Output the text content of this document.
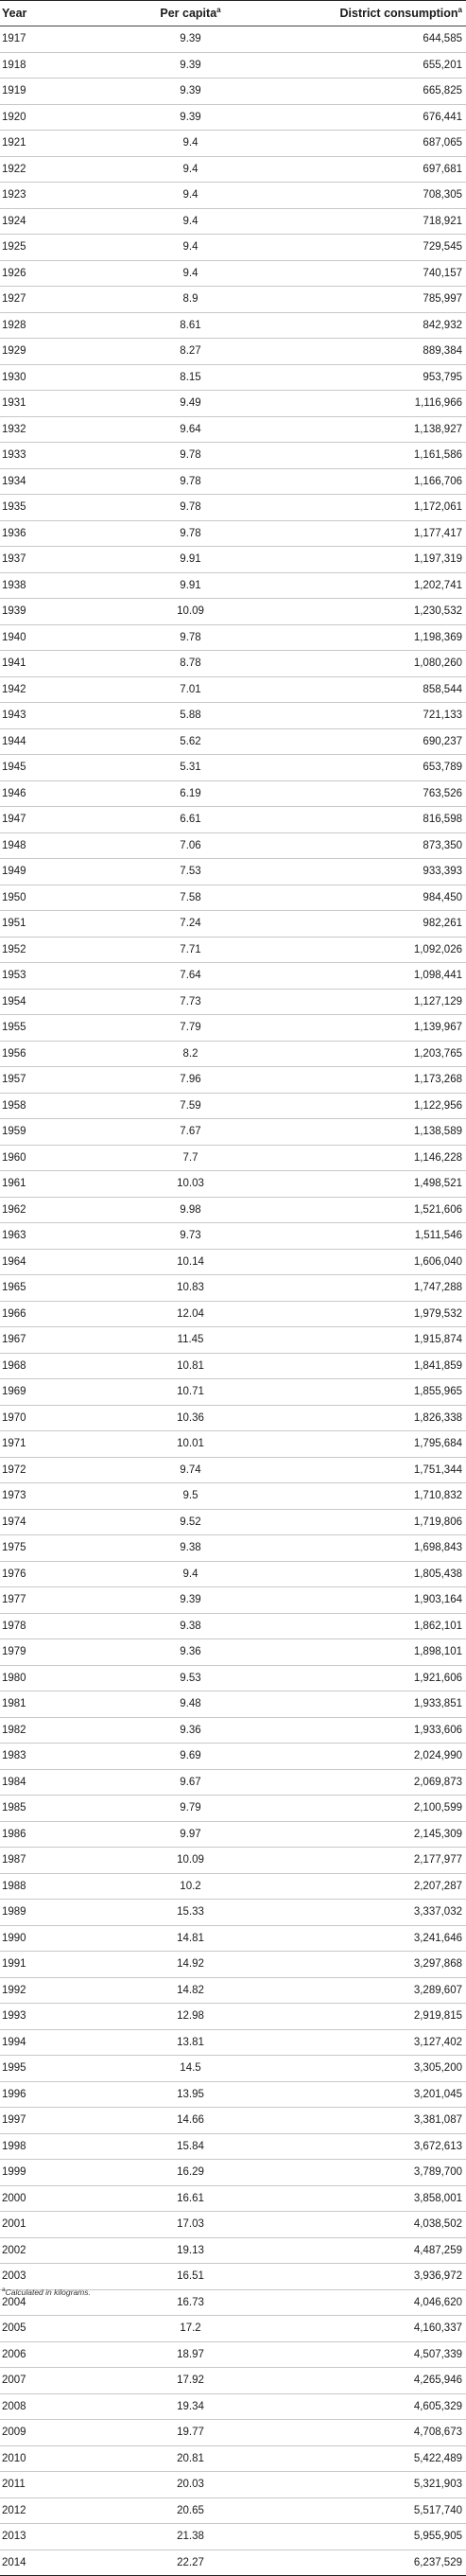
Year	Per capita$^a$	District consumption$^a$
1917	9.39	644,585
1918	9.39	655,201
1919	9.39	665,825
1920	9.39	676,441
1921	9.4	687,065
1922	9.4	697,681
1923	9.4	708,305
1924	9.4	718,921
1925	9.4	729,545
1926	9.4	740,157
1927	8.9	785,997
1928	8.61	842,932
1929	8.27	889,384
1930	8.15	953,795
1931	9.49	1,116,966
1932	9.64	1,138,927
1933	9.78	1,161,586
1934	9.78	1,166,706
1935	9.78	1,172,061
1936	9.78	1,177,417
1937	9.91	1,197,319
1938	9.91	1,202,741
1939	10.09	1,230,532
1940	9.78	1,198,369
1941	8.78	1,080,260
1942	7.01	858,544
1943	5.88	721,133
1944	5.62	690,237
1945	5.31	653,789
1946	6.19	763,526
1947	6.61	816,598
1948	7.06	873,350
1949	7.53	933,393
1950	7.58	984,450
1951	7.24	982,261
1952	7.71	1,092,026
1953	7.64	1,098,441
1954	7.73	1,127,129
1955	7.79	1,139,967
1956	8.2	1,203,765
1957	7.96	1,173,268
1958	7.59	1,122,956
1959	7.67	1,138,589
1960	7.7	1,146,228
1961	10.03	1,498,521
1962	9.98	1,521,606
1963	9.73	1,511,546
1964	10.14	1,606,040
1965	10.83	1,747,288
1966	12.04	1,979,532
1967	11.45	1,915,874
1968	10.81	1,841,859
1969	10.71	1,855,965
1970	10.36	1,826,338
1971	10.01	1,795,684
1972	9.74	1,751,344
1973	9.5	1,710,832
1974	9.52	1,719,806
1975	9.38	1,698,843
1976	9.4	1,805,438
1977	9.39	1,903,164
1978	9.38	1,862,101
1979	9.36	1,898,101
1980	9.53	1,921,606
1981	9.48	1,933,851
1982	9.36	1,933,606
1983	9.69	2,024,990
1984	9.67	2,069,873
1985	9.79	2,100,599
1986	9.97	2,145,309
1987	10.09	2,177,977
1988	10.2	2,207,287
1989	15.33	3,337,032
1990	14.81	3,241,646
1991	14.92	3,297,868
1992	14.82	3,289,607
1993	12.98	2,919,815
1994	13.81	3,127,402
1995	14.5	3,305,200
1996	13.95	3,201,045
1997	14.66	3,381,087
1998	15.84	3,672,613
1999	16.29	3,789,700
2000	16.61	3,858,001
2001	17.03	4,038,502
2002	19.13	4,487,259
2003	16.51	3,936,972
2004	16.73	4,046,620
2005	17.2	4,160,337
2006	18.97	4,507,339
2007	17.92	4,265,946
2008	19.34	4,605,329
2009	19.77	4,708,673
2010	20.81	5,422,489
2011	20.03	5,321,903
2012	20.65	5,517,740
2013	21.38	5,955,905
2014	22.27	6,237,529
$^a$Calculated in kilograms.
